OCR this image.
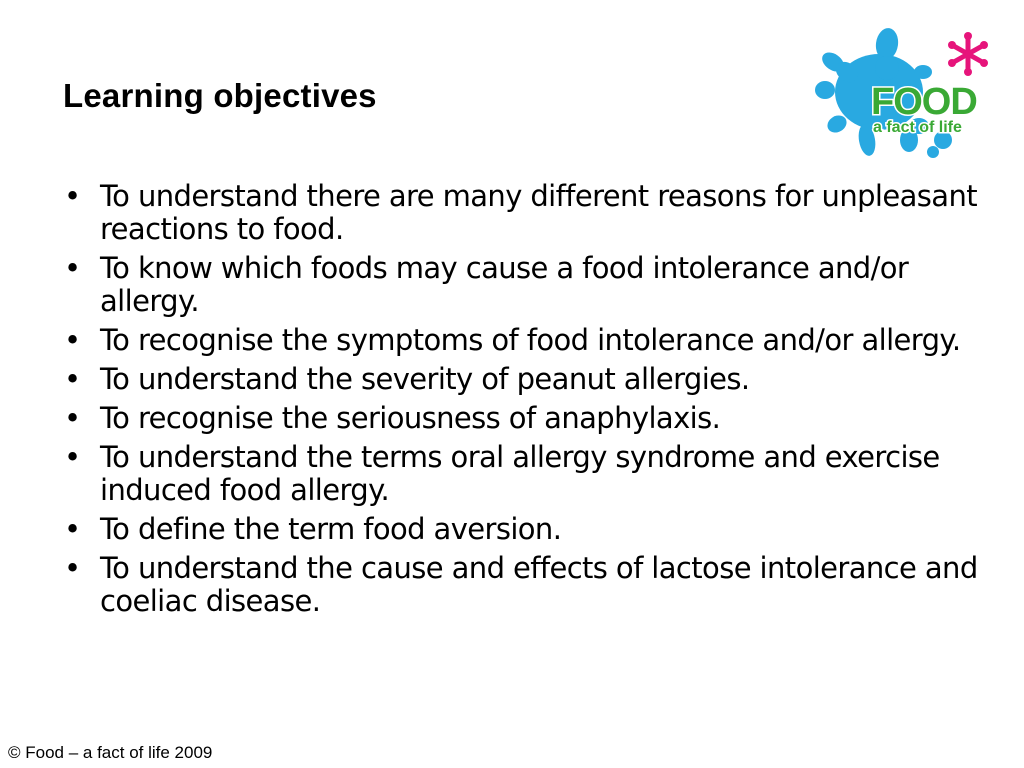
Learning objectives	FOOD
a fact of life
• To understand there are many different reasons for unpleasant reactions to food.
• To know which foods may cause a food intolerance and/or allergy.
• To recognise the symptoms of food intolerance and/or allergy.
• To understand the severity of peanut allergies.
• To recognise the seriousness of anaphylaxis.
• To understand the terms oral allergy syndrome and exercise induced food allergy.
• To define the term food aversion.
• To understand the cause and effects of lactose intolerance and coeliac disease.
© Food – a fact of life 2009
